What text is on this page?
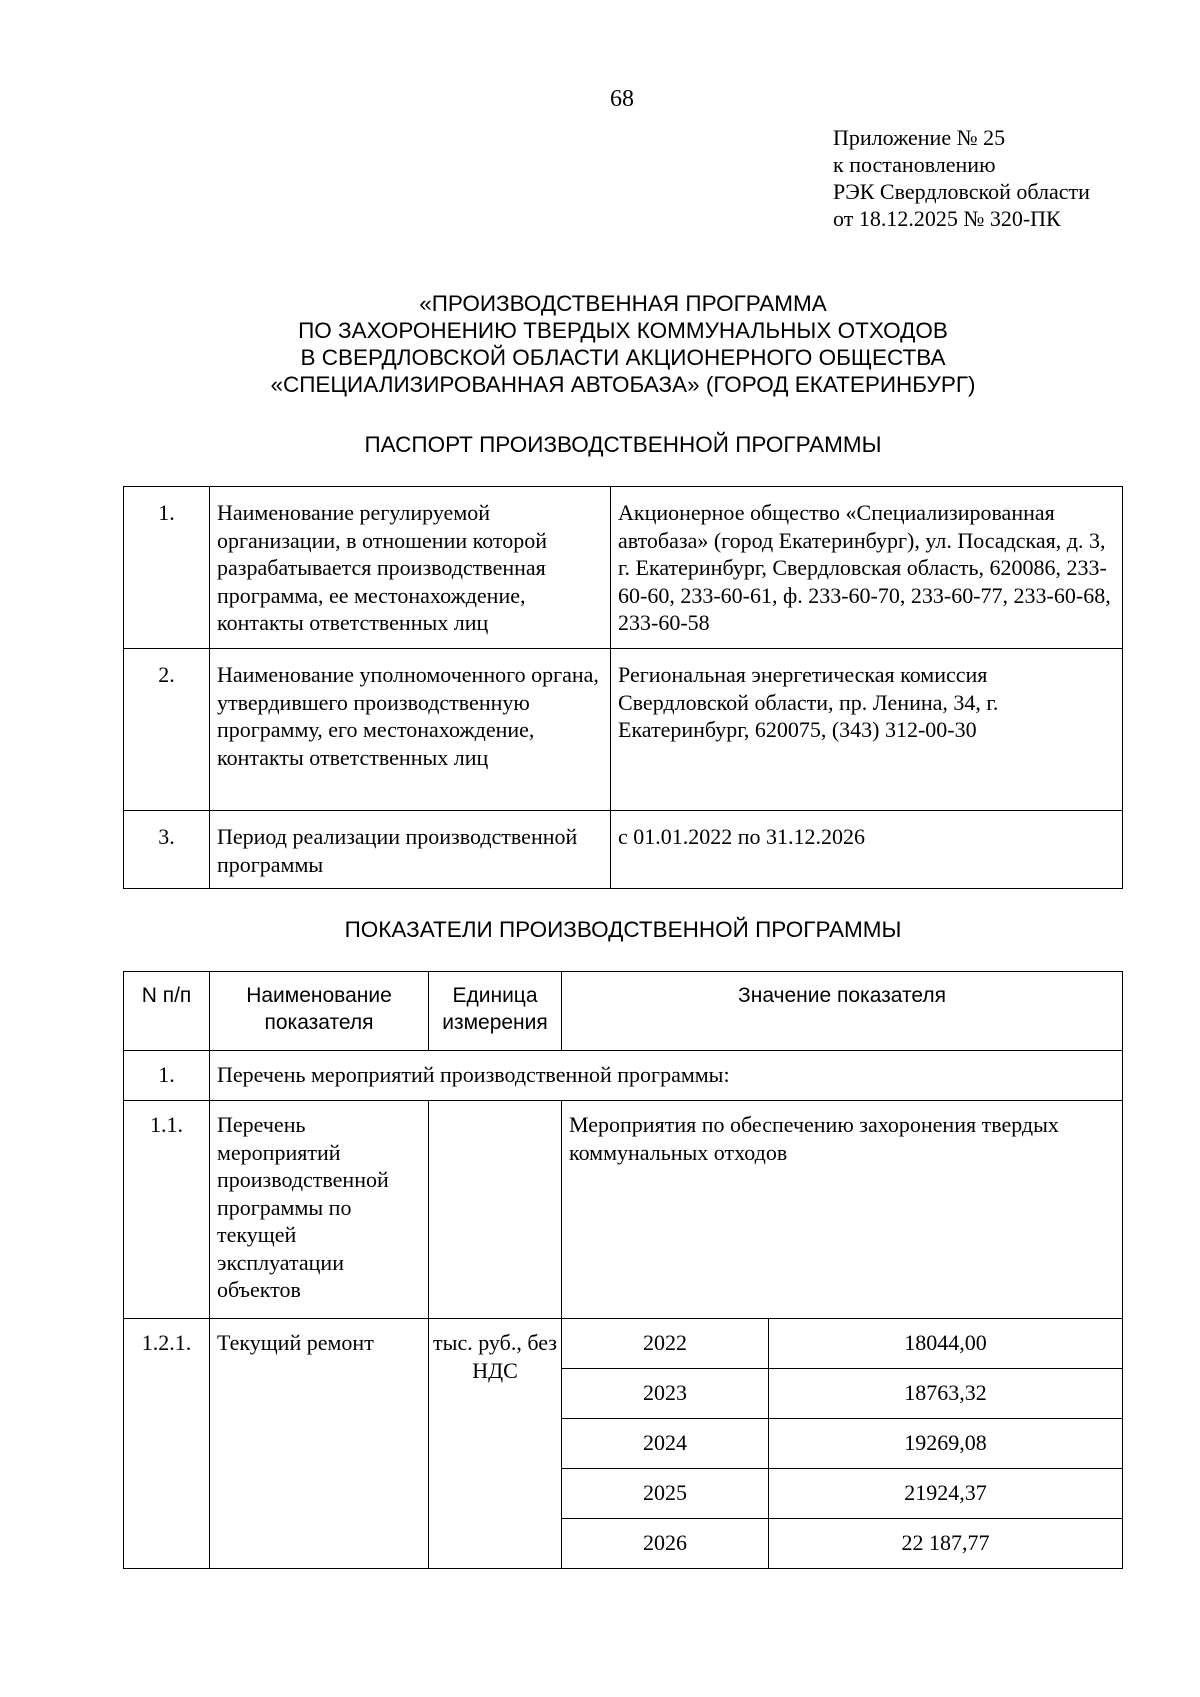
68
Приложение № 25
к постановлению
РЭК Свердловской области
от 18.12.2025 № 320-ПК
«ПРОИЗВОДСТВЕННАЯ ПРОГРАММА
ПО ЗАХОРОНЕНИЮ ТВЕРДЫХ КОММУНАЛЬНЫХ ОТХОДОВ
В СВЕРДЛОВСКОЙ ОБЛАСТИ АКЦИОНЕРНОГО ОБЩЕСТВА
«СПЕЦИАЛИЗИРОВАННАЯ АВТОБАЗА» (ГОРОД ЕКАТЕРИНБУРГ)
ПАСПОРТ ПРОИЗВОДСТВЕННОЙ ПРОГРАММЫ
1.	Наименование регулируемой организации, в отношении которой разрабатывается производственная программа, ее местонахождение, контакты ответственных лиц	Акционерное общество «Специализированная автобаза» (город Екатеринбург), ул. Посадская, д. 3, г. Екатеринбург, Свердловская область, 620086, 233-60-60, 233-60-61, ф. 233-60-70, 233-60-77, 233-60-68, 233-60-58
2.	Наименование уполномоченного органа, утвердившего производственную программу, его местонахождение, контакты ответственных лиц	Региональная энергетическая комиссия Свердловской области, пр. Ленина, 34, г. Екатеринбург, 620075, (343) 312-00-30
3.	Период реализации производственной программы	с 01.01.2022 по 31.12.2026
ПОКАЗАТЕЛИ ПРОИЗВОДСТВЕННОЙ ПРОГРАММЫ
N п/п	Наименование показателя	Единица измерения	Значение показателя	
1.	Перечень мероприятий производственной программы:			
1.1.	Перечень мероприятий производственной программы по текущей эксплуатации объектов		Мероприятия по обеспечению захоронения твердых коммунальных отходов	
1.2.1.	Текущий ремонт	тыс. руб., без НДС	2022	18044,00
			2023	18763,32
			2024	19269,08
			2025	21924,37
			2026	22 187,77
